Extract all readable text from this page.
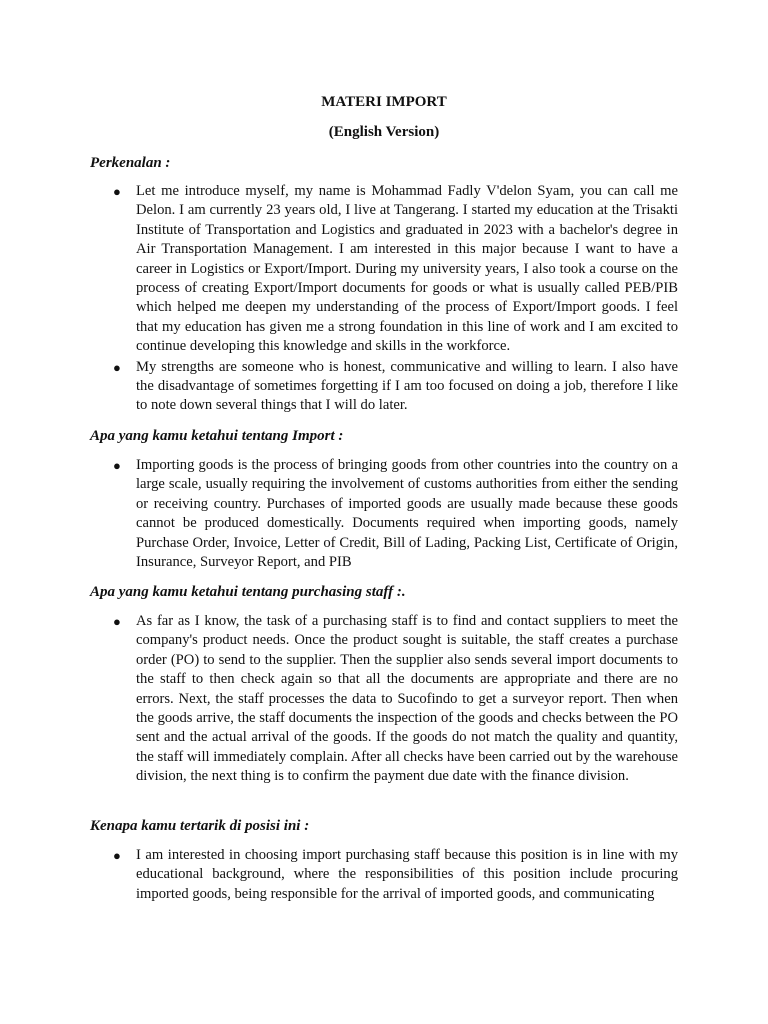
MATERI IMPORT
(English Version)
Perkenalan :
● Let me introduce myself, my name is Mohammad Fadly V'delon Syam, you can call me Delon. I am currently 23 years old, I live at Tangerang. I started my education at the Trisakti Institute of Transportation and Logistics and graduated in 2023 with a bachelor's degree in Air Transportation Management. I am interested in this major because I want to have a career in Logistics or Export/Import. During my university years, I also took a course on the process of creating Export/Import documents for goods or what is usually called PEB/PIB which helped me deepen my understanding of the process of Export/Import goods. I feel that my education has given me a strong foundation in this line of work and I am excited to continue developing this knowledge and skills in the workforce.
● My strengths are someone who is honest, communicative and willing to learn. I also have the disadvantage of sometimes forgetting if I am too focused on doing a job, therefore I like to note down several things that I will do later.
Apa yang kamu ketahui tentang Import :
● Importing goods is the process of bringing goods from other countries into the country on a large scale, usually requiring the involvement of customs authorities from either the sending or receiving country. Purchases of imported goods are usually made because these goods cannot be produced domestically. Documents required when importing goods, namely Purchase Order, Invoice, Letter of Credit, Bill of Lading, Packing List, Certificate of Origin, Insurance, Surveyor Report, and PIB
Apa yang kamu ketahui tentang purchasing staff :.
● As far as I know, the task of a purchasing staff is to find and contact suppliers to meet the company's product needs. Once the product sought is suitable, the staff creates a purchase order (PO) to send to the supplier. Then the supplier also sends several import documents to the staff to then check again so that all the documents are appropriate and there are no errors. Next, the staff processes the data to Sucofindo to get a surveyor report. Then when the goods arrive, the staff documents the inspection of the goods and checks between the PO sent and the actual arrival of the goods. If the goods do not match the quality and quantity, the staff will immediately complain. After all checks have been carried out by the warehouse division, the next thing is to confirm the payment due date with the finance division.
Kenapa kamu tertarik di posisi ini :
● I am interested in choosing import purchasing staff because this position is in line with my educational background, where the responsibilities of this position include procuring imported goods, being responsible for the arrival of imported goods, and communicating
